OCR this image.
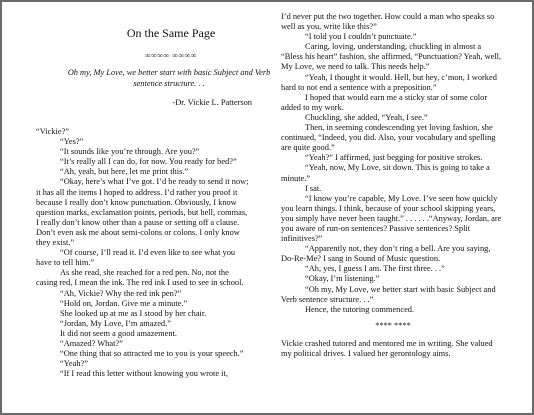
On the Same Page
∞∞∞∞ ∞∞∞∞
Oh my, My Love, we better start with basic Subject and Verb sentence structure. . .
-Dr. Vickie L. Patterson

“Vickie?”

“Yes?”

“It sounds like you’re through. Are you?”

“It’s really all I can do, for now. You ready for bed?”

“Ah, yeah, but here, let me print this.”

“Okay, here’s what I’ve got. I’d be ready to send it now; it has all the items I hoped to address. I’d rather you proof it because I really don’t know punctuation. Obviously, I know question marks, exclamation points, periods, but hell, commas, I really don’t know other than a pause or setting off a clause. Don’t even ask me about semi-colons or colons. I only know they exist.”

“Of course, I’ll read it. I’d even like to see what you have to tell him.”

As she read, she reached for a red pen. No, not the casing red, I mean the ink. The red ink I used to see in school.

“Ah, Vickie? Why the red ink pen?”

“Hold on, Jordan. Give me a minute.”

She looked up at me as I stood by her chair.

“Jordan, My Love, I’m amazed.”

It did not seem a good amazement.

“Amazed? What?”

“One thing that so attracted me to you is your speech.”

“Yeah?”

“If I read this letter without knowing you wrote it,

I’d never put the two together. How could a man who speaks so well as you, write like this?”

“I told you I couldn’t punctuate.”

Caring, loving, understanding, chuckling in almost a “Bless his heart” fashion, she affirmed, “Punctuation? Yeah, well, My Love, we need to talk. This needs help.”

“Yeah, I thought it would. Hell, but hey, c’mon, I worked hard to not end a sentence with a preposition.”

I hoped that would earn me a sticky star of some color added to my work.

Chuckling, she added, “Yeah, I see.”

Then, in seeming condescending yet loving fashion, she continued, “Indeed, you did. Also, your vocabulary and spelling are quite good.”

“Yeah?” I affirmed, just begging for positive strokes.

“Yeah, now, My Love, sit down. This is going to take a minute.”

I sat.

“I know you’re capable, My Love. I’ve seen how quickly you learn things. I think, because of your school skipping years, you simply have never been taught.” . . . . . .“Anyway, Jordan, are you aware of run-on sentences? Passive sentences? Split infinitives?”

“Apparently not, they don’t ring a bell. Are you saying, Do-Re-Me? I sang in Sound of Music question.

“Ah, yes, I guess I am. The first three. . .”

“Okay, I’m listening.”

“Oh my, My Love, we better start with basic Subject and Verb sentence structure. . .”

Hence, the tutoring commenced.

**** ****

Vickie crashed tutored and mentored me in writing. She valued my political drives. I valued her gerontology aims.
